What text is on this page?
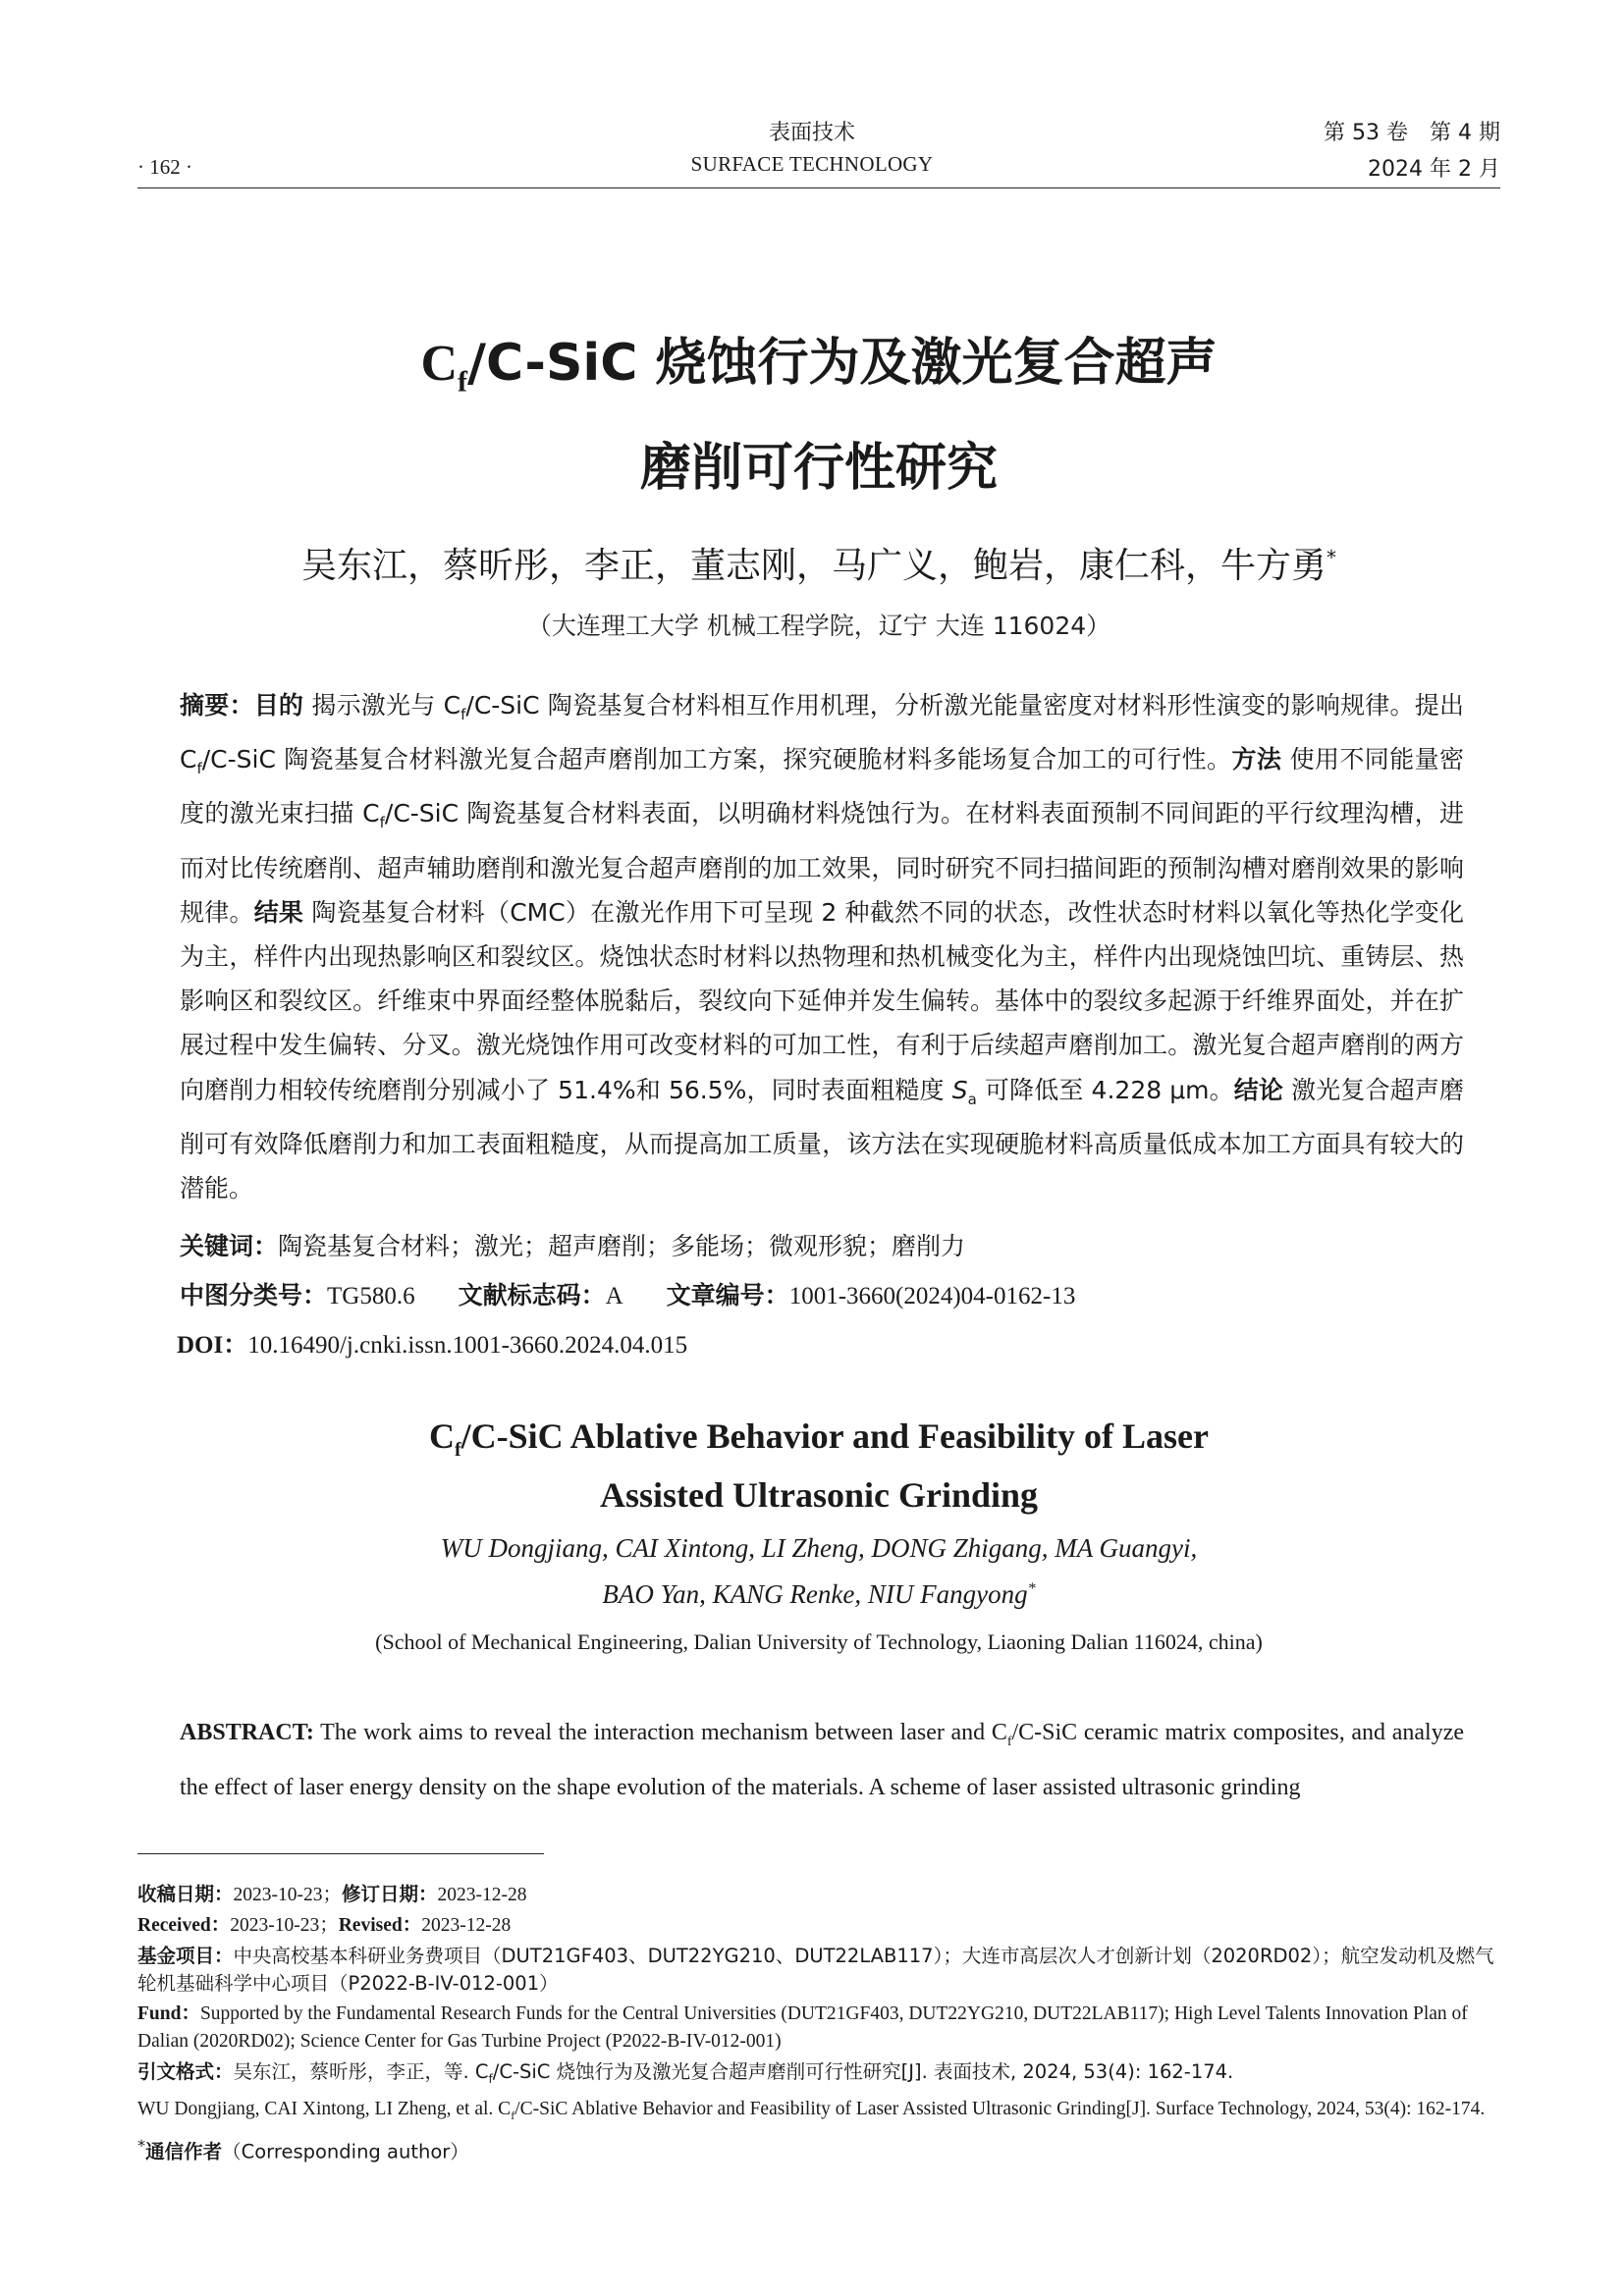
· 162 ·
表面技术
SURFACE TECHNOLOGY
第 53 卷　第 4 期
2024 年 2 月
$C_f/C$-SiC 烧蚀行为及激光复合超声
磨削可行性研究
吴东江，蔡昕彤，李正，董志刚，马广义，鲍岩，康仁科，牛方勇*
（大连理工大学 机械工程学院，辽宁 大连 116024）
摘要：目的 揭示激光与 $C_f/C$-SiC 陶瓷基复合材料相互作用机理，分析激光能量密度对材料形性演变的影响规律。提出 $C_f/C$-SiC 陶瓷基复合材料激光复合超声磨削加工方案，探究硬脆材料多能场复合加工的可行性。方法 使用不同能量密度的激光束扫描 $C_f/C$-SiC 陶瓷基复合材料表面，以明确材料烧蚀行为。在材料表面预制不同间距的平行纹理沟槽，进而对比传统磨削、超声辅助磨削和激光复合超声磨削的加工效果，同时研究不同扫描间距的预制沟槽对磨削效果的影响规律。结果 陶瓷基复合材料（CMC）在激光作用下可呈现 2 种截然不同的状态，改性状态时材料以氧化等热化学变化为主，样件内出现热影响区和裂纹区。烧蚀状态时材料以热物理和热机械变化为主，样件内出现烧蚀凹坑、重铸层、热影响区和裂纹区。纤维束中界面经整体脱黏后，裂纹向下延伸并发生偏转。基体中的裂纹多起源于纤维界面处，并在扩展过程中发生偏转、分叉。激光烧蚀作用可改变材料的可加工性，有利于后续超声磨削加工。激光复合超声磨削的两方向磨削力相较传统磨削分别减小了 51.4%和 56.5%，同时表面粗糙度 $S_a$ 可降低至 4.228 μm。结论 激光复合超声磨削可有效降低磨削力和加工表面粗糙度，从而提高加工质量，该方法在实现硬脆材料高质量低成本加工方面具有较大的潜能。
关键词：陶瓷基复合材料；激光；超声磨削；多能场；微观形貌；磨削力
中图分类号：TG580.6 文献标志码：A 文章编号：1001-3660(2024)04-0162-13
DOI：10.16490/j.cnki.issn.1001-3660.2024.04.015
$C_f/C$-SiC Ablative Behavior and Feasibility of Laser
Assisted Ultrasonic Grinding
WU Dongjiang, CAI Xintong, LI Zheng, DONG Zhigang, MA Guangyi,
BAO Yan, KANG Renke, NIU Fangyong*
(School of Mechanical Engineering, Dalian University of Technology, Liaoning Dalian 116024, china)
ABSTRACT: The work aims to reveal the interaction mechanism between laser and $C_f/C$-SiC ceramic matrix composites, and analyze the effect of laser energy density on the shape evolution of the materials. A scheme of laser assisted ultrasonic grinding
收稿日期：2023-10-23；修订日期：2023-12-28
Received：2023-10-23；Revised：2023-12-28
基金项目：中央高校基本科研业务费项目（DUT21GF403、DUT22YG210、DUT22LAB117）；大连市高层次人才创新计划（2020RD02）；航空发动机及燃气轮机基础科学中心项目（P2022-B-IV-012-001）
Fund：Supported by the Fundamental Research Funds for the Central Universities (DUT21GF403, DUT22YG210, DUT22LAB117); High Level Talents Innovation Plan of Dalian (2020RD02); Science Center for Gas Turbine Project (P2022-B-IV-012-001)
引文格式：吴东江，蔡昕彤，李正，等. $C_f/C$-SiC 烧蚀行为及激光复合超声磨削可行性研究[J]. 表面技术, 2024, 53(4): 162-174.
WU Dongjiang, CAI Xintong, LI Zheng, et al. $C_f/C$-SiC Ablative Behavior and Feasibility of Laser Assisted Ultrasonic Grinding[J]. Surface Technology, 2024, 53(4): 162-174.
*通信作者（Corresponding author）
